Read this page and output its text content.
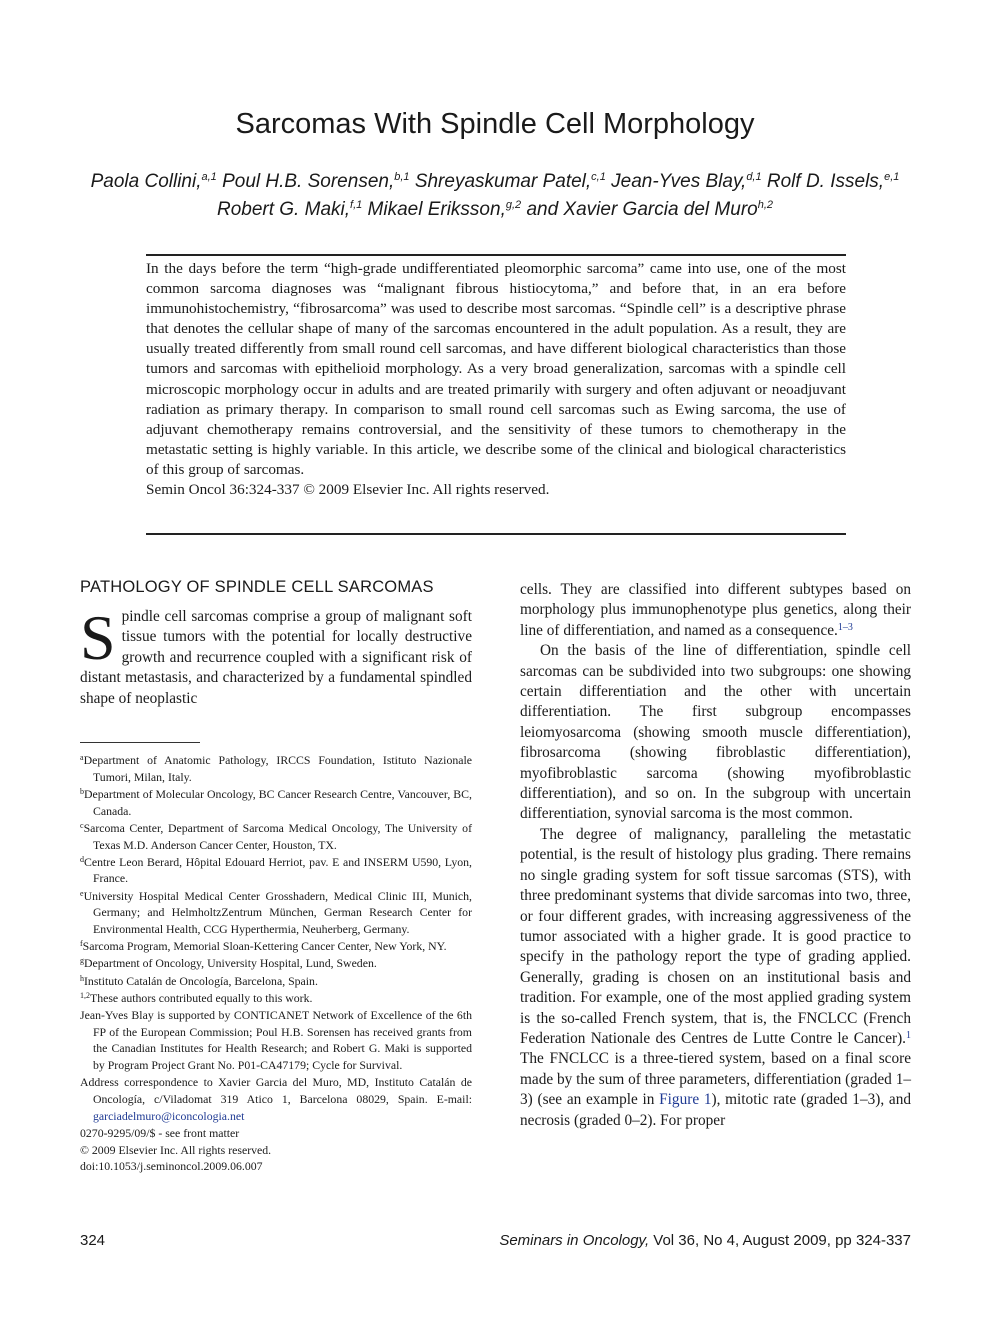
Sarcomas With Spindle Cell Morphology
Paola Collini,$^{a,1}$ Poul H.B. Sorensen,$^{b,1}$ Shreyaskumar Patel,$^{c,1}$ Jean-Yves Blay,$^{d,1}$ Rolf D. Issels,$^{e,1}$
Robert G. Maki,$^{f,1}$ Mikael Eriksson,$^{g,2}$ and Xavier Garcia del Muro$^{h,2}$

In the days before the term “high-grade undifferentiated pleomorphic sarcoma” came into use, one of the most common sarcoma diagnoses was “malignant fibrous histiocytoma,” and before that, in an era before immunohistochemistry, “fibrosarcoma” was used to describe most sarcomas. “Spindle cell” is a descriptive phrase that denotes the cellular shape of many of the sarcomas encountered in the adult population. As a result, they are usually treated differently from small round cell sarcomas, and have different biological characteristics than those tumors and sarcomas with epithelioid morphology. As a very broad generalization, sarcomas with a spindle cell microscopic morphology occur in adults and are treated primarily with surgery and often adjuvant or neoadjuvant radiation as primary therapy. In comparison to small round cell sarcomas such as Ewing sarcoma, the use of adjuvant chemotherapy remains controversial, and the sensitivity of these tumors to chemotherapy in the metastatic setting is highly variable. In this article, we describe some of the clinical and biological characteristics of this group of sarcomas.

Semin Oncol 36:324-337 © 2009 Elsevier Inc. All rights reserved.

PATHOLOGY OF SPINDLE CELL SARCOMAS

Spindle cell sarcomas comprise a group of malignant soft tissue tumors with the potential for locally destructive growth and recurrence coupled with a significant risk of distant metastasis, and characterized by a fundamental spindled shape of neoplastic

$^a$Department of Anatomic Pathology, IRCCS Foundation, Istituto Nazionale Tumori, Milan, Italy.

$^b$Department of Molecular Oncology, BC Cancer Research Centre, Vancouver, BC, Canada.

$^c$Sarcoma Center, Department of Sarcoma Medical Oncology, The University of Texas M.D. Anderson Cancer Center, Houston, TX.

$^d$Centre Leon Berard, Hôpital Edouard Herriot, pav. E and INSERM U590, Lyon, France.

$^e$University Hospital Medical Center Grosshadern, Medical Clinic III, Munich, Germany; and HelmholtzZentrum München, German Research Center for Environmental Health, CCG Hyperthermia, Neuherberg, Germany.

$^f$Sarcoma Program, Memorial Sloan-Kettering Cancer Center, New York, NY.

$^g$Department of Oncology, University Hospital, Lund, Sweden.

$^h$Instituto Catalán de Oncología, Barcelona, Spain.

$^{1,2}$These authors contributed equally to this work.

Jean-Yves Blay is supported by CONTICANET Network of Excellence of the 6th FP of the European Commission; Poul H.B. Sorensen has received grants from the Canadian Institutes for Health Research; and Robert G. Maki is supported by Program Project Grant No. P01-CA47179; Cycle for Survival.

Address correspondence to Xavier Garcia del Muro, MD, Instituto Catalán de Oncología, c/Viladomat 319 Atico 1, Barcelona 08029, Spain. E-mail: garciadelmuro@iconcologia.net

0270-9295/09/$ - see front matter

© 2009 Elsevier Inc. All rights reserved.

doi:10.1053/j.seminoncol.2009.06.007

cells. They are classified into different subtypes based on morphology plus immunophenotype plus genetics, along their line of differentiation, and named as a consequence.$^{1-3}$

On the basis of the line of differentiation, spindle cell sarcomas can be subdivided into two subgroups: one showing certain differentiation and the other with uncertain differentiation. The first subgroup encompasses leiomyosarcoma (showing smooth muscle differentiation), fibrosarcoma (showing fibroblastic differentiation), myofibroblastic sarcoma (showing myofibroblastic differentiation), and so on. In the subgroup with uncertain differentiation, synovial sarcoma is the most common.

The degree of malignancy, paralleling the metastatic potential, is the result of histology plus grading. There remains no single grading system for soft tissue sarcomas (STS), with three predominant systems that divide sarcomas into two, three, or four different grades, with increasing aggressiveness of the tumor associated with a higher grade. It is good practice to specify in the pathology report the type of grading applied. Generally, grading is chosen on an institutional basis and tradition. For example, one of the most applied grading system is the so-called French system, that is, the FNCLCC (French Federation Nationale des Centres de Lutte Contre le Cancer).$^1$ The FNCLCC is a three-tiered system, based on a final score made by the sum of three parameters, differentiation (graded 1–3) (see an example in Figure 1), mitotic rate (graded 1–3), and necrosis (graded 0–2). For proper

324	Seminars in Oncology, Vol 36, No 4, August 2009, pp 324-337
